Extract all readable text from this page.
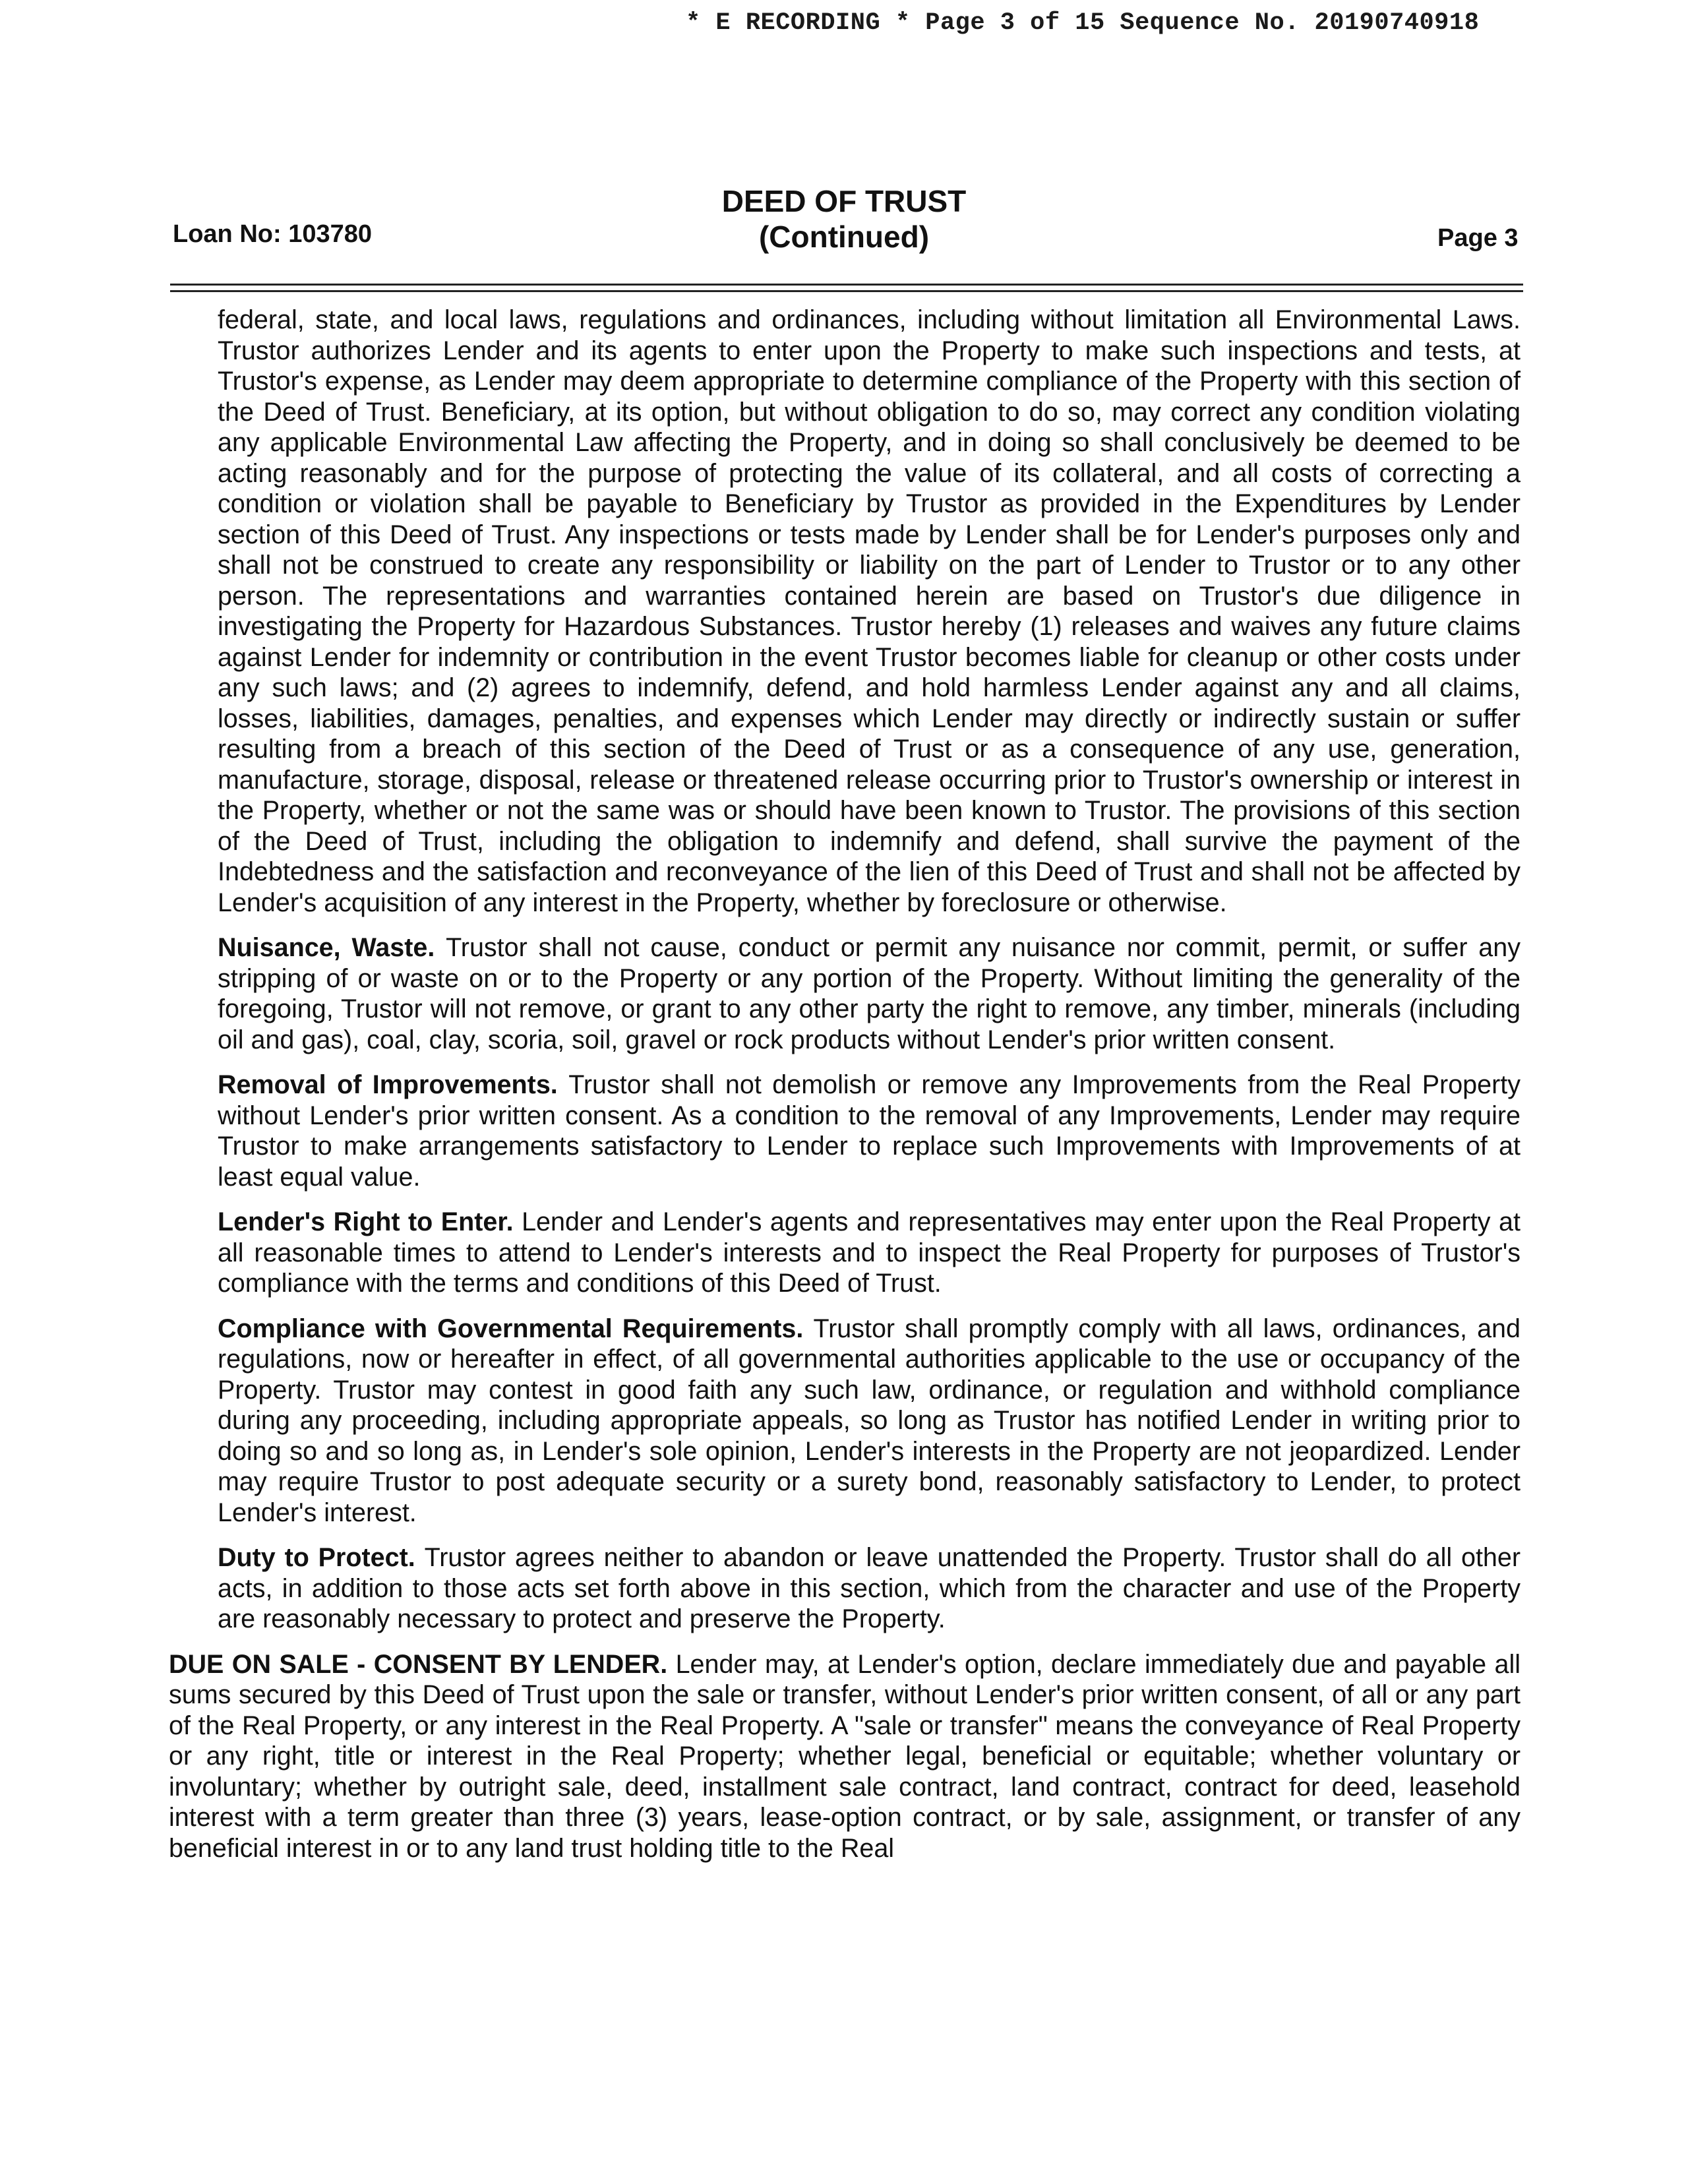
* E RECORDING * Page 3 of 15 Sequence No. 20190740918
Loan No: 103780
DEED OF TRUST
(Continued)	Page 3

federal, state, and local laws, regulations and ordinances, including without limitation all Environmental Laws. Trustor authorizes Lender and its agents to enter upon the Property to make such inspections and tests, at Trustor's expense, as Lender may deem appropriate to determine compliance of the Property with this section of the Deed of Trust. Beneficiary, at its option, but without obligation to do so, may correct any condition violating any applicable Environmental Law affecting the Property, and in doing so shall conclusively be deemed to be acting reasonably and for the purpose of protecting the value of its collateral, and all costs of correcting a condition or violation shall be payable to Beneficiary by Trustor as provided in the Expenditures by Lender section of this Deed of Trust. Any inspections or tests made by Lender shall be for Lender's purposes only and shall not be construed to create any responsibility or liability on the part of Lender to Trustor or to any other person. The representations and warranties contained herein are based on Trustor's due diligence in investigating the Property for Hazardous Substances. Trustor hereby (1) releases and waives any future claims against Lender for indemnity or contribution in the event Trustor becomes liable for cleanup or other costs under any such laws; and (2) agrees to indemnify, defend, and hold harmless Lender against any and all claims, losses, liabilities, damages, penalties, and expenses which Lender may directly or indirectly sustain or suffer resulting from a breach of this section of the Deed of Trust or as a consequence of any use, generation, manufacture, storage, disposal, release or threatened release occurring prior to Trustor's ownership or interest in the Property, whether or not the same was or should have been known to Trustor. The provisions of this section of the Deed of Trust, including the obligation to indemnify and defend, shall survive the payment of the Indebtedness and the satisfaction and reconveyance of the lien of this Deed of Trust and shall not be affected by Lender's acquisition of any interest in the Property, whether by foreclosure or otherwise.

Nuisance, Waste. Trustor shall not cause, conduct or permit any nuisance nor commit, permit, or suffer any stripping of or waste on or to the Property or any portion of the Property. Without limiting the generality of the foregoing, Trustor will not remove, or grant to any other party the right to remove, any timber, minerals (including oil and gas), coal, clay, scoria, soil, gravel or rock products without Lender's prior written consent.

Removal of Improvements. Trustor shall not demolish or remove any Improvements from the Real Property without Lender's prior written consent. As a condition to the removal of any Improvements, Lender may require Trustor to make arrangements satisfactory to Lender to replace such Improvements with Improvements of at least equal value.

Lender's Right to Enter. Lender and Lender's agents and representatives may enter upon the Real Property at all reasonable times to attend to Lender's interests and to inspect the Real Property for purposes of Trustor's compliance with the terms and conditions of this Deed of Trust.

Compliance with Governmental Requirements. Trustor shall promptly comply with all laws, ordinances, and regulations, now or hereafter in effect, of all governmental authorities applicable to the use or occupancy of the Property. Trustor may contest in good faith any such law, ordinance, or regulation and withhold compliance during any proceeding, including appropriate appeals, so long as Trustor has notified Lender in writing prior to doing so and so long as, in Lender's sole opinion, Lender's interests in the Property are not jeopardized. Lender may require Trustor to post adequate security or a surety bond, reasonably satisfactory to Lender, to protect Lender's interest.

Duty to Protect. Trustor agrees neither to abandon or leave unattended the Property. Trustor shall do all other acts, in addition to those acts set forth above in this section, which from the character and use of the Property are reasonably necessary to protect and preserve the Property.

DUE ON SALE - CONSENT BY LENDER. Lender may, at Lender's option, declare immediately due and payable all sums secured by this Deed of Trust upon the sale or transfer, without Lender's prior written consent, of all or any part of the Real Property, or any interest in the Real Property. A "sale or transfer" means the conveyance of Real Property or any right, title or interest in the Real Property; whether legal, beneficial or equitable; whether voluntary or involuntary; whether by outright sale, deed, installment sale contract, land contract, contract for deed, leasehold interest with a term greater than three (3) years, lease-option contract, or by sale, assignment, or transfer of any beneficial interest in or to any land trust holding title to the Real
